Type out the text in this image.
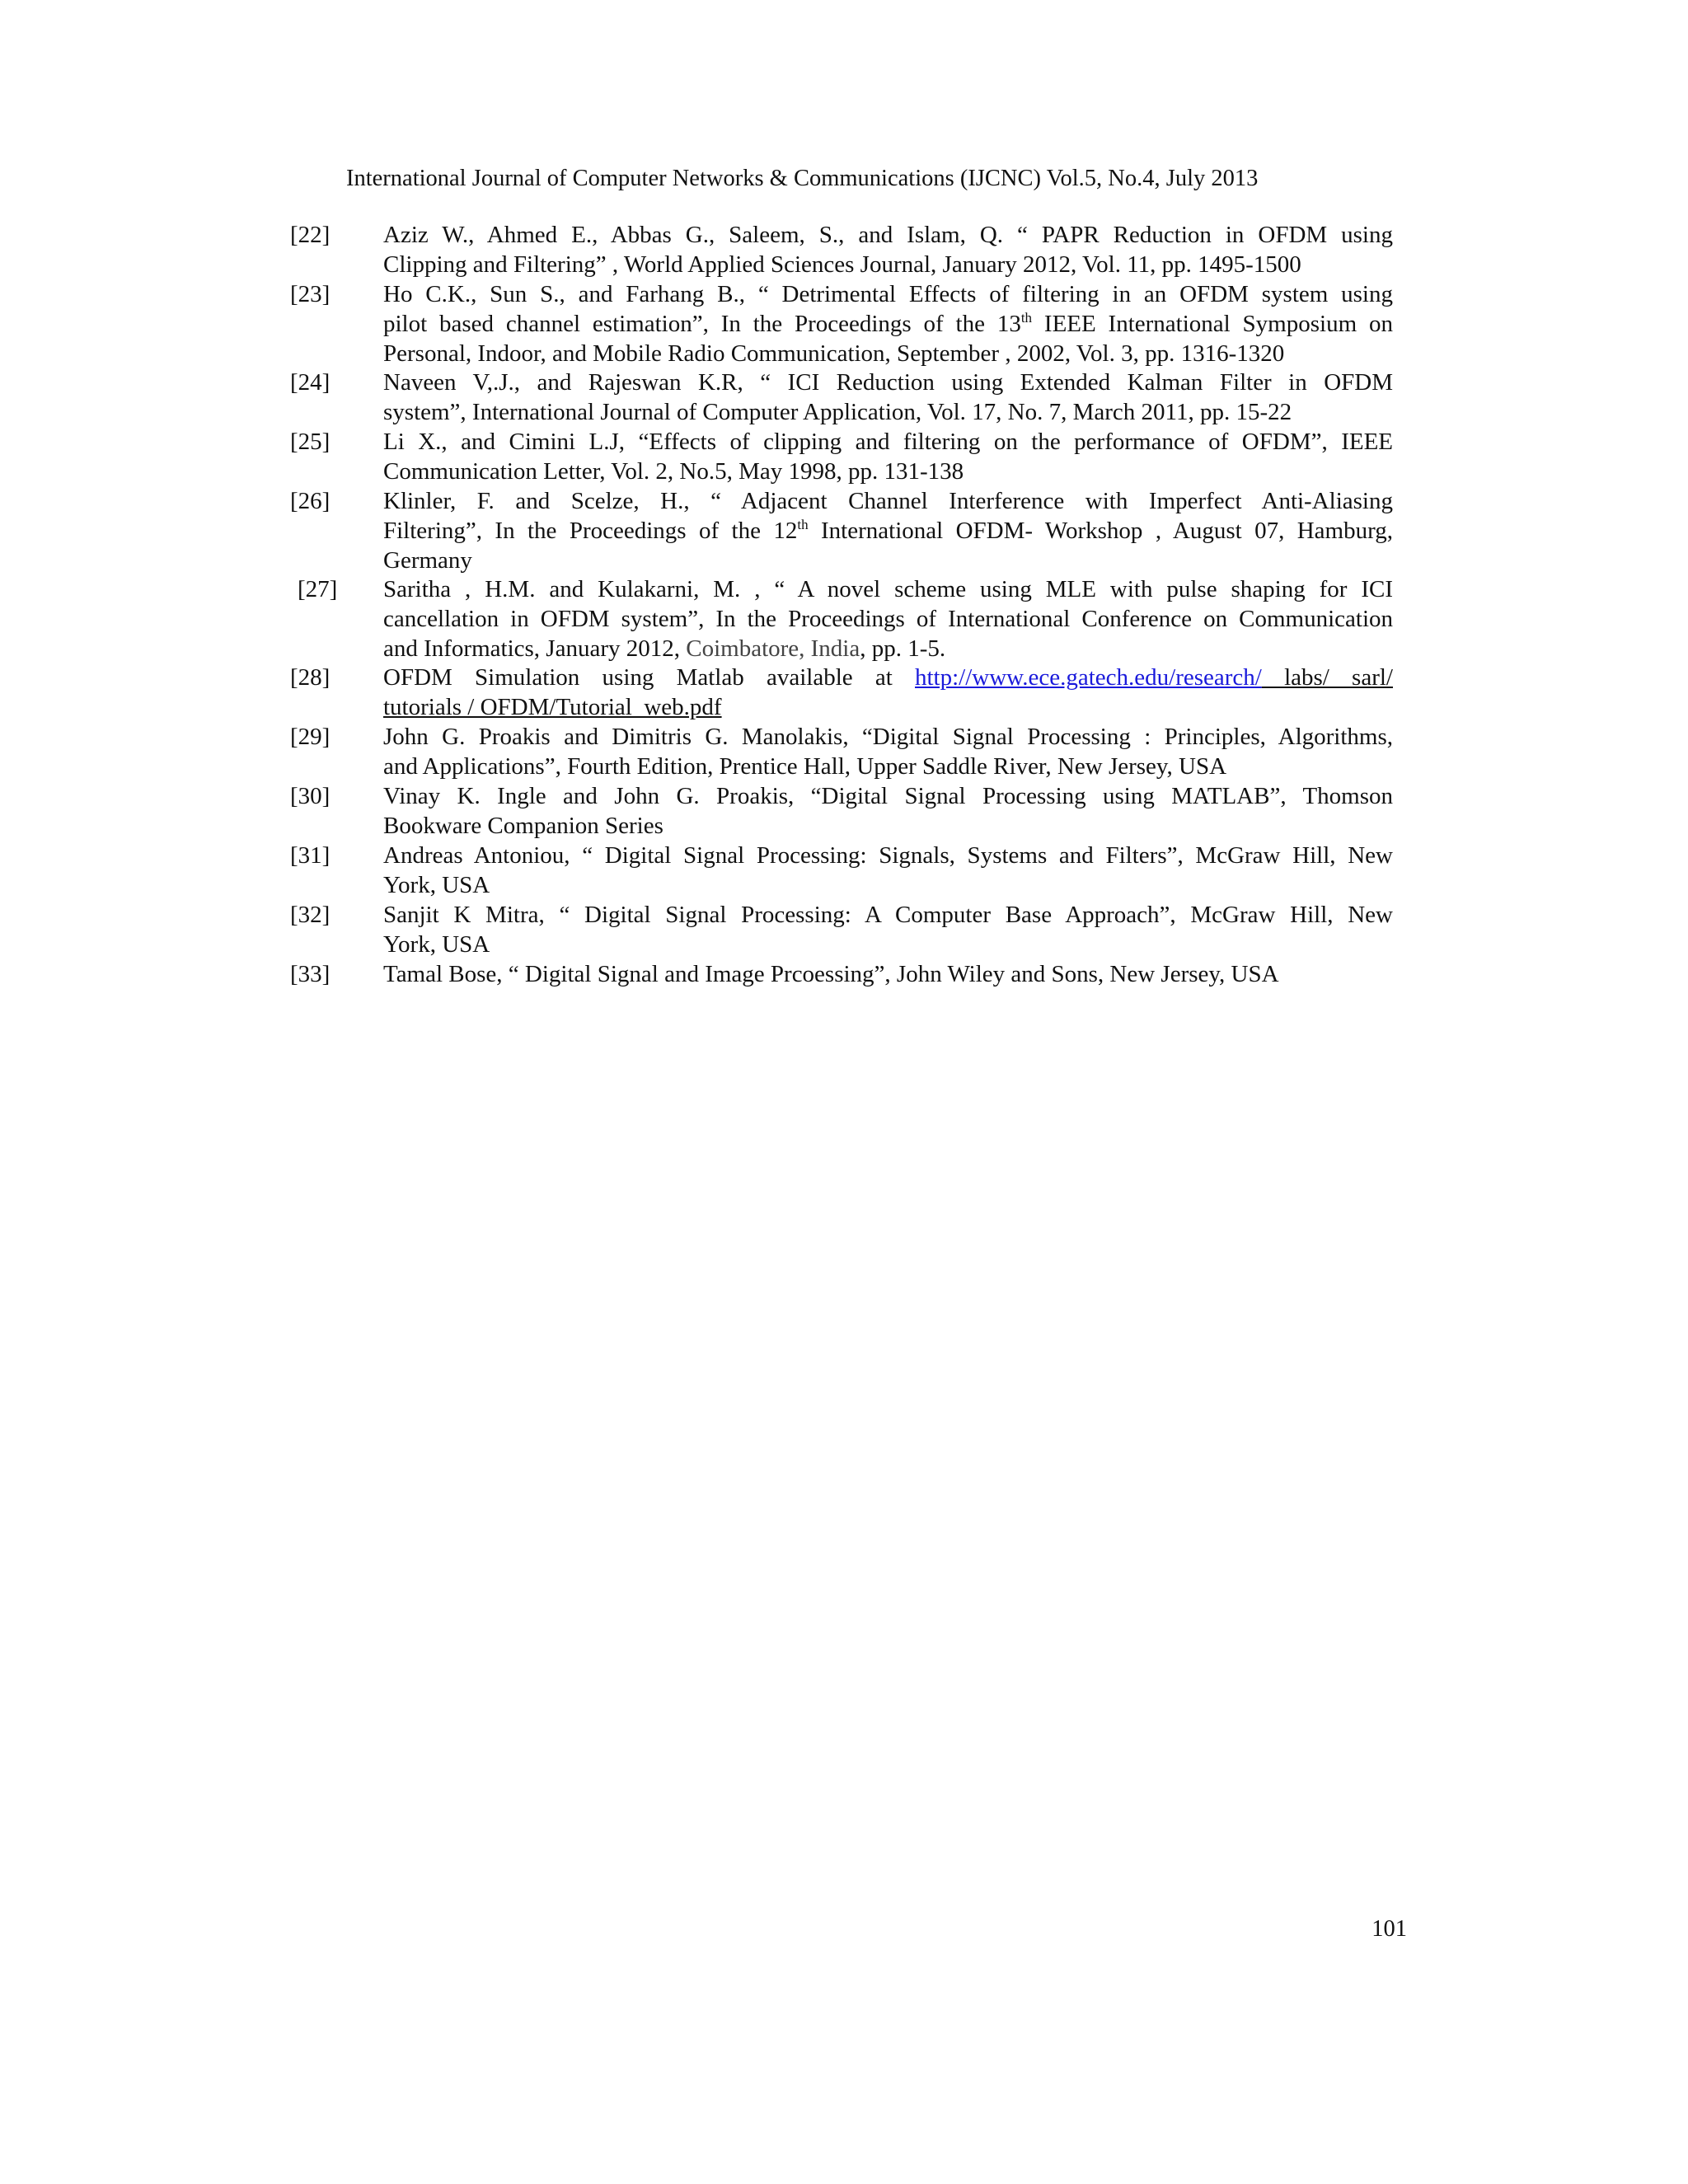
International Journal of Computer Networks & Communications (IJCNC) Vol.5, No.4, July 2013
[22] Aziz W., Ahmed E., Abbas G., Saleem, S., and Islam, Q. “ PAPR Reduction in OFDM using
Clipping and Filtering” , World Applied Sciences Journal, January 2012, Vol. 11, pp. 1495-1500
[23] Ho C.K., Sun S., and Farhang B., “ Detrimental Effects of filtering in an OFDM system using
pilot based channel estimation”, In the Proceedings of the 13th IEEE International Symposium on
Personal, Indoor, and Mobile Radio Communication, September , 2002, Vol. 3, pp. 1316-1320
[24] Naveen V,.J., and Rajeswan K.R, “ ICI Reduction using Extended Kalman Filter in OFDM
system”, International Journal of Computer Application, Vol. 17, No. 7, March 2011, pp. 15-22
[25] Li X., and Cimini L.J, “Effects of clipping and filtering on the performance of OFDM”, IEEE
Communication Letter, Vol. 2, No.5, May 1998, pp. 131-138
[26] Klinler, F. and Scelze, H., “ Adjacent Channel Interference with Imperfect Anti-Aliasing
Filtering”, In the Proceedings of the 12th International OFDM- Workshop , August 07, Hamburg,
Germany
[27] Saritha , H.M. and Kulakarni, M. , “ A novel scheme using MLE with pulse shaping for ICI
cancellation in OFDM system”, In the Proceedings of International Conference on Communication
and Informatics, January 2012, Coimbatore, India, pp. 1-5.
[28] OFDM Simulation using Matlab available at http://www.ece.gatech.edu/research/ labs/ sarl/
tutorials / OFDM/Tutorial_web.pdf
[29] John G. Proakis and Dimitris G. Manolakis, “Digital Signal Processing : Principles, Algorithms,
and Applications”, Fourth Edition, Prentice Hall, Upper Saddle River, New Jersey, USA
[30] Vinay K. Ingle and John G. Proakis, “Digital Signal Processing using MATLAB”, Thomson
Bookware Companion Series
[31] Andreas Antoniou, “ Digital Signal Processing: Signals, Systems and Filters”, McGraw Hill, New
York, USA
[32] Sanjit K Mitra, “ Digital Signal Processing: A Computer Base Approach”, McGraw Hill, New
York, USA
[33] Tamal Bose, “ Digital Signal and Image Prcoessing”, John Wiley and Sons, New Jersey, USA
101
